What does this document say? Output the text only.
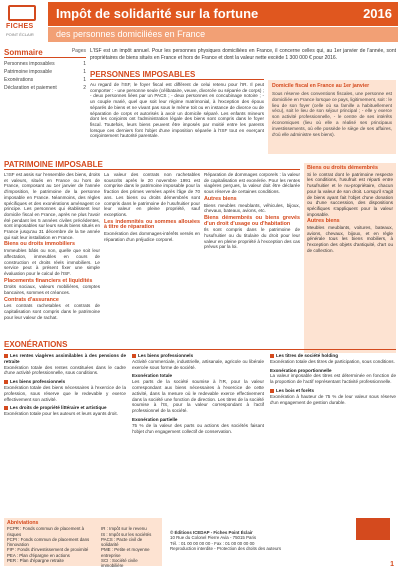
FICHES
POINT ÉCLAIR
Impôt de solidarité sur la fortune	2016
des personnes domiciliées en France
Sommaire	Pages
Personnes imposables	1
Patrimoine imposable	1
Exonérations	1
Déclaration et paiement	2
L'ISF est un impôt annuel. Pour les personnes physiques domiciliées en France, il concerne celles qui, au 1er janvier de l'année, sont propriétaires de biens situés en France et hors de France et dont la valeur nette excède 1 300 000 € pour 2016.
PERSONNES IMPOSABLES
Au regard de l'ISF, le foyer fiscal est différent de celui retenu pour l'IR. Il peut comporter : - une personne seule (célibataire, veuve, divorcée ou séparée de corps) ; - deux personnes liées par un PACS ; - deux personnes en concubinage notoire ; - un couple marié, quel que soit leur régime matrimonial, à l'exception des époux séparés de biens et ne vivant pas sous le même toit ou en instance de divorce ou de séparation de corps et autorisés à avoir un domicile séparé. Les enfants mineurs dont les conjoints ont l'administration légale des biens sont compris dans le foyer fiscal. Toutefois, leurs biens peuvent être imposés par moitié entre les parents lorsque ces derniers font l'objet d'une imposition séparée à l'ISF tout en exerçant conjointement l'autorité parentale.
Domicile fiscal en France au 1er janvier
Sous réserve des conventions fiscales, une personne est domiciliée en France lorsque ce pays, ligitimement, soit : le lieu de son foyer (celle où sa famille a habituellement vécu), soit le lieu de son séjour principal ; - elle y exerce son activité professionnelle, - le centre de ses intérêts économiques (lieu où elle a réalisé ses principaux investissements, où elle possède le siège de ses affaires, d'où elle administre ses biens).
PATRIMOINE IMPOSABLE
L'ISF est assis sur l'ensemble des biens, droits et valeurs, situés en France ou hors de France, composant au 1er janvier de l'année d'imposition, le patrimoine de la personne imposable en France. Néanmoins, des règles spécifiques et des exonérations aménagent ce principe. Les personnes qui établissent leur domicile fiscal en France, après ne plus l'avoir été pendant les 5 années civiles précédentes, sont imposables sur leurs seuls biens situés en France jusqu'au 31 décembre de la 5e année qui suit leur installation en France.
Biens ou droits immobiliers
Immeubles bâtis ou non, quelle que soit leur affectation, immeubles en cours de construction et droits réels immobiliers. Le service peut à présent fixer une simple évaluation pour le calcul de l'ISF.
Placements financiers et liquidités
Droits sociaux, valeurs mobilières, comptes bancaires, sommes et créances.
Contrats d'assurance
Les contrats rachetables et contrats de capitalisation sont compris dans le patrimoine pour leur valeur de rachat.
La valeur des contrats non rachetables souscrits après le 20 novembre 1991 est comprise dans le patrimoine imposable pour la fraction des primes versées après l'âge de 70 ans. Les biens ou droits démembrés sont compris dans le patrimoine de l'usufruitier pour leur valeur en pleine propriété, sauf exceptions.
Les indemnités ou sommes allouées à titre de réparation
Exonération des dommages-intérêts versés en réparation d'un préjudice corporel.
Réparation de dommages corporels : la valeur de capitalisation est exonérée. Pour les rentes viagères perçues, la valeur doit être déclarée sous réserve de certaines conditions.
Autres biens
Biens meubles meublants, véhicules, bijoux, chevaux, bateaux, avions, etc.
Biens démembrés ou biens grevés d'un droit d'usage ou d'habitation
Ils sont compris dans le patrimoine de l'usufruitier ou du titulaire du droit pour leur valeur en pleine propriété à l'exception des cas prévus par la loi.
Biens ou droits démembrés
Si le contrat dont le patrimoine respecte les conditions, l'usufruit est réparti entre l'usufruitier et le nu-propriétaire, chacun pour la valeur de son droit. Lorsqu'il s'agit de biens ayant fait l'objet d'une donation ou d'une succession, des dispositions spécifiques s'appliquent pour la valeur imposable.
Autres biens
Meubles meublants, voitures, bateaux, avions, chevaux, bijoux, et en règle générale tous les biens mobiliers, à l'exception des objets d'antiquité, d'art ou de collection.
EXONÉRATIONS
Les rentes viagères assimilables à des pensions de retraite
Exonération totale des rentes constituées dans le cadre d'une activité professionnelle, sous conditions.
Les biens professionnels
Exonération totale des biens nécessaires à l'exercice de la profession, sous réserve que le redevable y exerce effectivement son activité.
Les droits de propriété littéraire et artistique
Exonération totale pour les auteurs et leurs ayants droit.
Les biens professionnels
Activité commerciale, industrielle, artisanale, agricole ou libérale exercée sous forme de société.
Exonération totale
Les parts de la société soumise à l'IR, pour la valeur correspondant aux biens nécessaires à l'exercice de cette activité, dans la mesure où le redevable exerce effectivement dans la société une fonction de direction. Les titres de la société soumise à l'IS, pour la valeur correspondant à l'actif professionnel de la société.
Exonération partielle
75 % de la valeur des parts ou actions des sociétés faisant l'objet d'un engagement collectif de conservation.
Les titres de société holding
Exonération totale des titres de participation, sous conditions.
Exonération proportionnelle
La valeur imposable des titres est déterminée en fonction de la proportion de l'actif représentant l'activité professionnelle.
Les bois et forêts
Exonération à hauteur de 75 % de leur valeur sous réserve d'un engagement de gestion durable.
Abréviations
FCPR : Fonds commun de placement à risques
FCPI : Fonds commun de placement dans l'innovation
FIP : Fonds d'investissement de proximité
PEA : Plan d'épargne en actions
PER : Plan d'épargne retraite
IR : Impôt sur le revenu
IS : Impôt sur les sociétés
PACS : Pacte civil de solidarité
PME : Petite et moyenne entreprise
SCI : Société civile immobilière
© Éditions ICEDAP - Fiches Point Éclair
10 Rue du Colonel Pierre Avia - 75015 Paris
Tél. : 01 00 00 00 00 - Fax : 01 00 00 00 00
Reproduction interdite - Protection des droits des auteurs
1
